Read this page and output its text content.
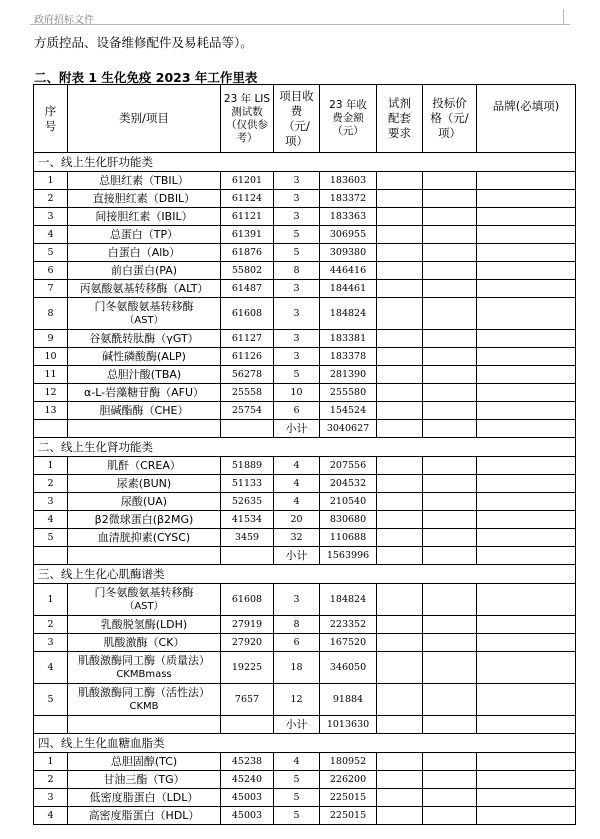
政府招标文件
方质控品、设备维修配件及易耗品等）。
二、附表 1 生化免疫 2023 年工作里表
序号	类别/项目	23 年 LIS 测试数（仅供参考）	项目收费（元/项）	23 年收费金额（元）	试剂配套要求	投标价格（元/项）	品牌(必填项)
一、线上生化肝功能类							
1	总胆红素（TBIL）	61201	3	183603			
2	直接胆红素（DBIL）	61124	3	183372			
3	间接胆红素（IBIL）	61121	3	183363			
4	总蛋白（TP）	61391	5	306955			
5	白蛋白（Alb）	61876	5	309380			
6	前白蛋白(PA)	55802	8	446416			
7	丙氨酸氨基转移酶（ALT）	61487	3	184461			
8	门冬氨酸氨基转移酶
（AST）	61608	3	184824			
9	谷氨酰转肽酶（γGT）	61127	3	183381			
10	碱性磷酸酶(ALP)	61126	3	183378			
11	总胆汁酸(TBA)	56278	5	281390			
12	α-L-岩藻糖苷酶（AFU）	25558	10	255580			
13	胆碱酯酶（CHE）	25754	6	154524			
			小计	3040627			
二、线上生化肾功能类							
1	肌酐（CREA）	51889	4	207556			
2	尿素(BUN)	51133	4	204532			
3	尿酸(UA)	52635	4	210540			
4	β2微球蛋白(β2MG)	41534	20	830680			
5	血清胱抑素(CYSC)	3459	32	110688			
			小计	1563996			
三、线上生化心肌酶谱类							
1	门冬氨酸氨基转移酶
（AST）	61608	3	184824			
2	乳酸脱氢酶(LDH)	27919	8	223352			
3	肌酸激酶（CK）	27920	6	167520			
4	肌酸激酶同工酶（质量法）
CKMBmass	19225	18	346050			
5	肌酸激酶同工酶（活性法）
CKMB	7657	12	91884			
			小计	1013630			
四、线上生化血糖血脂类							
1	总胆固醇(TC)	45238	4	180952			
2	甘油三酯（TG）	45240	5	226200			
3	低密度脂蛋白（LDL）	45003	5	225015			
4	高密度脂蛋白（HDL）	45003	5	225015			
